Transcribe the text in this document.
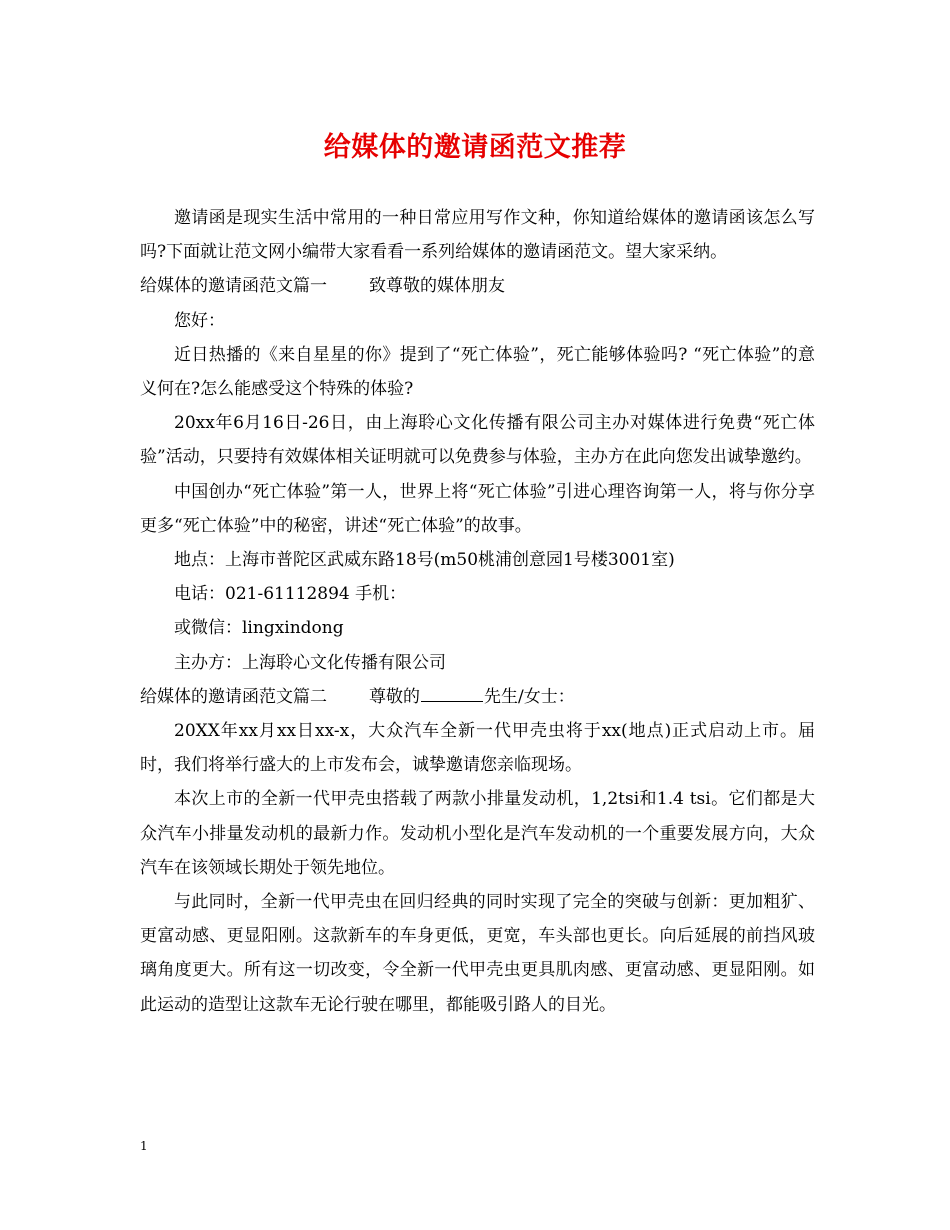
给媒体的邀请函范文推荐

邀请函是现实生活中常用的一种日常应用写作文种，你知道给媒体的邀请函该怎么写吗?下面就让范文网小编带大家看看一系列给媒体的邀请函范文。望大家采纳。

给媒体的邀请函范文篇一 致尊敬的媒体朋友

您好：

近日热播的《来自星星的你》提到了“死亡体验”，死亡能够体验吗? “死亡体验”的意义何在?怎么能感受这个特殊的体验?

20xx年6月16日-26日，由上海聆心文化传播有限公司主办对媒体进行免费“死亡体验”活动，只要持有效媒体相关证明就可以免费参与体验，主办方在此向您发出诚挚邀约。

中国创办“死亡体验”第一人，世界上将“死亡体验”引进心理咨询第一人，将与你分享更多“死亡体验”中的秘密，讲述“死亡体验”的故事。

地点：上海市普陀区武威东路18号(m50桃浦创意园1号楼3001室)

电话：021-61112894 手机：

或微信：lingxindong

主办方：上海聆心文化传播有限公司

给媒体的邀请函范文篇二 尊敬的	先生/女士：

20XX年xx月xx日xx-x，大众汽车全新一代甲壳虫将于xx(地点)正式启动上市。届时，我们将举行盛大的上市发布会，诚挚邀请您亲临现场。

本次上市的全新一代甲壳虫搭载了两款小排量发动机，1,2tsi和1.4 tsi。它们都是大众汽车小排量发动机的最新力作。发动机小型化是汽车发动机的一个重要发展方向，大众汽车在该领域长期处于领先地位。

与此同时，全新一代甲壳虫在回归经典的同时实现了完全的突破与创新：更加粗犷、更富动感、更显阳刚。这款新车的车身更低，更宽，车头部也更长。向后延展的前挡风玻璃角度更大。所有这一切改变，令全新一代甲壳虫更具肌肉感、更富动感、更显阳刚。如此运动的造型让这款车无论行驶在哪里，都能吸引路人的目光。

1
